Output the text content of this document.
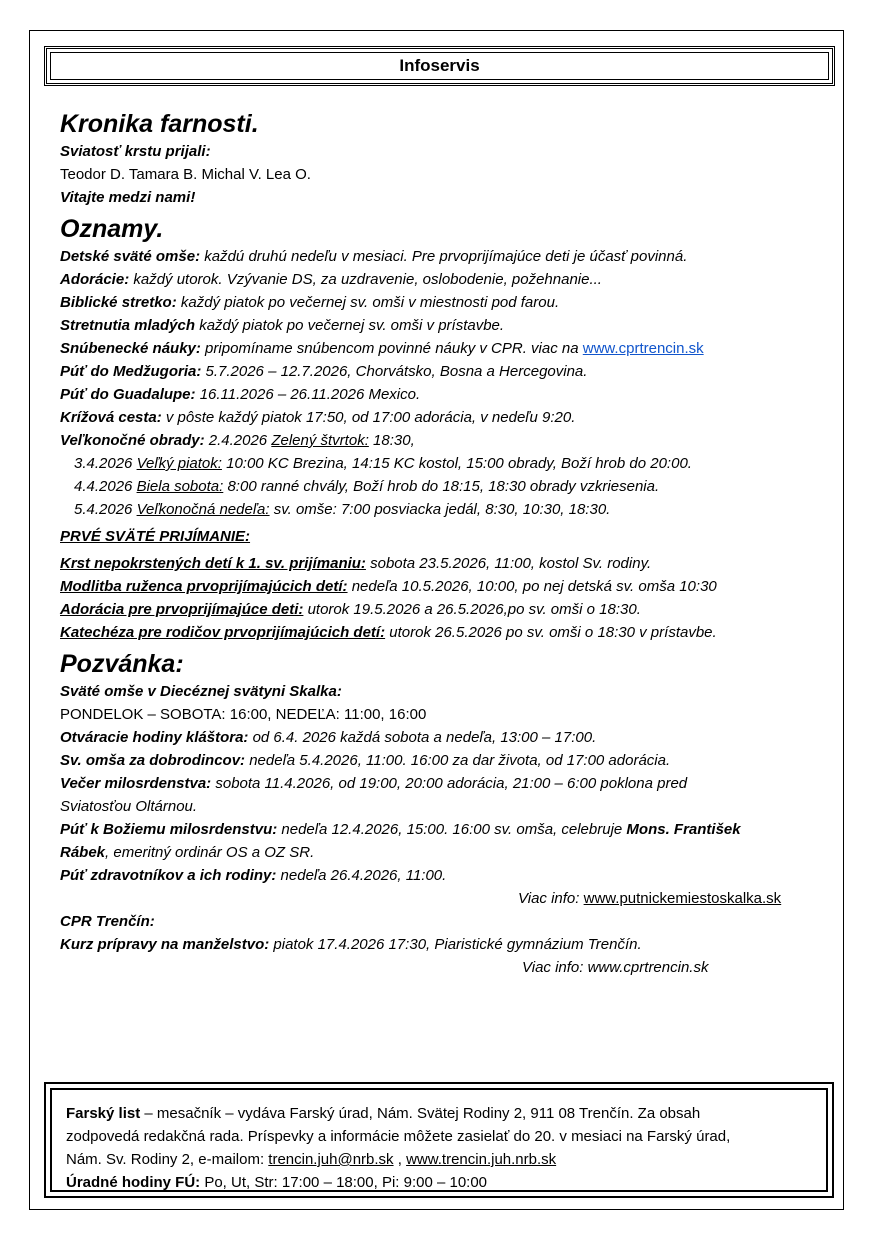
Infoservis
Kronika farnosti.
Sviatosť krstu prijali:
Teodor D. Tamara B. Michal V. Lea O.
Vitajte medzi nami!
Oznamy.
Detské sväté omše: každú druhú nedeľu v mesiaci. Pre prvoprijímajúce deti je účasť povinná.
Adorácie: každý utorok. Vzývanie DS, za uzdravenie, oslobodenie, požehnanie...
Biblické stretko: každý piatok po večernej sv. omši v miestnosti pod farou.
Stretnutia mladých každý piatok po večernej sv. omši v prístavbe.
Snúbenecké náuky: pripomíname snúbencom povinné náuky v CPR. viac na www.cprtrencin.sk
Púť do Medžugoria: 5.7.2026 – 12.7.2026, Chorvátsko, Bosna a Hercegovina.
Púť do Guadalupe: 16.11.2026 – 26.11.2026 Mexico.
Krížová cesta: v pôste každý piatok 17:50, od 17:00 adorácia, v nedeľu 9:20.
Veľkonočné obrady: 2.4.2026 Zelený štvrtok: 18:30,
3.4.2026 Veľký piatok: 10:00 KC Brezina, 14:15 KC kostol, 15:00 obrady, Boží hrob do 20:00.
4.4.2026 Biela sobota: 8:00 ranné chvály, Boží hrob do 18:15, 18:30 obrady vzkriesenia.
5.4.2026 Veľkonočná nedeľa: sv. omše: 7:00 posviacka jedál, 8:30, 10:30, 18:30.
PRVÉ SVÄTÉ PRIJÍMANIE:
Krst nepokrstených detí k 1. sv. prijímaniu: sobota 23.5.2026, 11:00, kostol Sv. rodiny.
Modlitba ruženca prvoprijímajúcich detí: nedeľa 10.5.2026, 10:00, po nej detská sv. omša 10:30
Adorácia pre prvoprijímajúce deti: utorok 19.5.2026 a 26.5.2026,po sv. omši o 18:30.
Katechéza pre rodičov prvoprijímajúcich detí: utorok 26.5.2026 po sv. omši o 18:30 v prístavbe.
Pozvánka:
Sväté omše v Diecéznej svätyni Skalka:
PONDELOK – SOBOTA: 16:00, NEDEĽA: 11:00, 16:00
Otváracie hodiny kláštora: od 6.4. 2026 každá sobota a nedeľa, 13:00 – 17:00.
Sv. omša za dobrodincov: nedeľa 5.4.2026, 11:00. 16:00 za dar života, od 17:00 adorácia.
Večer milosrdenstva: sobota 11.4.2026, od 19:00, 20:00 adorácia, 21:00 – 6:00 poklona pred
Sviatosťou Oltárnou.
Púť k Božiemu milosrdenstvu: nedeľa 12.4.2026, 15:00. 16:00 sv. omša, celebruje Mons. František
Rábek, emeritný ordinár OS a OZ SR.
Púť zdravotníkov a ich rodiny: nedeľa 26.4.2026, 11:00.
Viac info: www.putnickemiestoskalka.sk
CPR Trenčín:
Kurz prípravy na manželstvo: piatok 17.4.2026 17:30, Piaristické gymnázium Trenčín.
Viac info: www.cprtrencin.sk
Farský list – mesačník – vydáva Farský úrad, Nám. Svätej Rodiny 2, 911 08 Trenčín. Za obsah
zodpovedá redakčná rada. Príspevky a informácie môžete zasielať do 20. v mesiaci na Farský úrad,
Nám. Sv. Rodiny 2, e-mailom: trencin.juh@nrb.sk , www.trencin.juh.nrb.sk
Úradné hodiny FÚ: Po, Ut, Str: 17:00 – 18:00, Pi: 9:00 – 10:00
